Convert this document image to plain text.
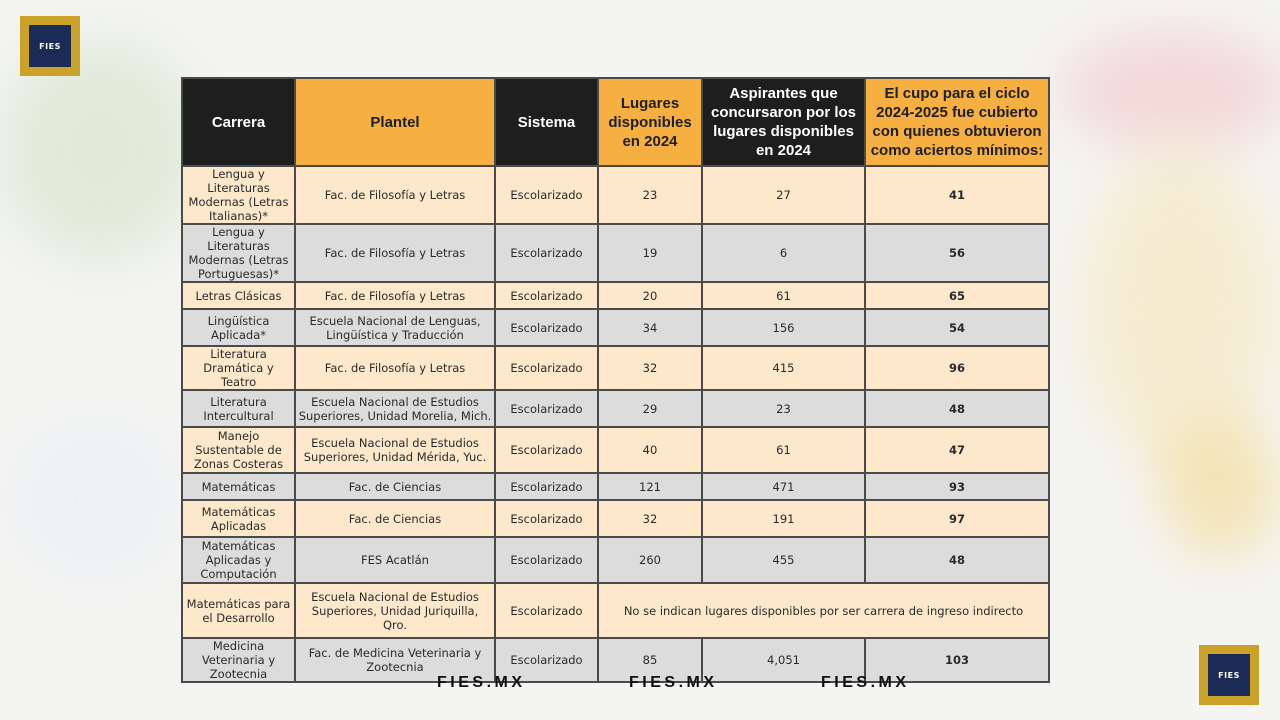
FIES
FIES
Carrera	Plantel	Sistema	Lugares disponibles en 2024	Aspirantes que concursaron por los lugares disponibles en 2024	El cupo para el ciclo 2024-2025 fue cubierto con quienes obtuvieron como aciertos mínimos:
Lengua y Literaturas Modernas (Letras Italianas)*	Fac. de Filosofía y Letras	Escolarizado	23	27	41
Lengua y Literaturas Modernas (Letras Portuguesas)*	Fac. de Filosofía y Letras	Escolarizado	19	6	56
Letras Clásicas	Fac. de Filosofía y Letras	Escolarizado	20	61	65
Lingüística Aplicada*	Escuela Nacional de Lenguas, Lingüística y Traducción	Escolarizado	34	156	54
Literatura Dramática y Teatro	Fac. de Filosofía y Letras	Escolarizado	32	415	96
Literatura Intercultural	Escuela Nacional de Estudios Superiores, Unidad Morelia, Mich.	Escolarizado	29	23	48
Manejo Sustentable de Zonas Costeras	Escuela Nacional de Estudios Superiores, Unidad Mérida, Yuc.	Escolarizado	40	61	47
Matemáticas	Fac. de Ciencias	Escolarizado	121	471	93
Matemáticas Aplicadas	Fac. de Ciencias	Escolarizado	32	191	97
Matemáticas Aplicadas y Computación	FES Acatlán	Escolarizado	260	455	48
Matemáticas para el Desarrollo	Escuela Nacional de Estudios Superiores, Unidad Juriquilla, Qro.	Escolarizado	No se indican lugares disponibles por ser carrera de ingreso indirecto		
Medicina Veterinaria y Zootecnia	Fac. de Medicina Veterinaria y Zootecnia	Escolarizado	85	4,051	103
FIES.MX	FIES.MX	FIES.MX
